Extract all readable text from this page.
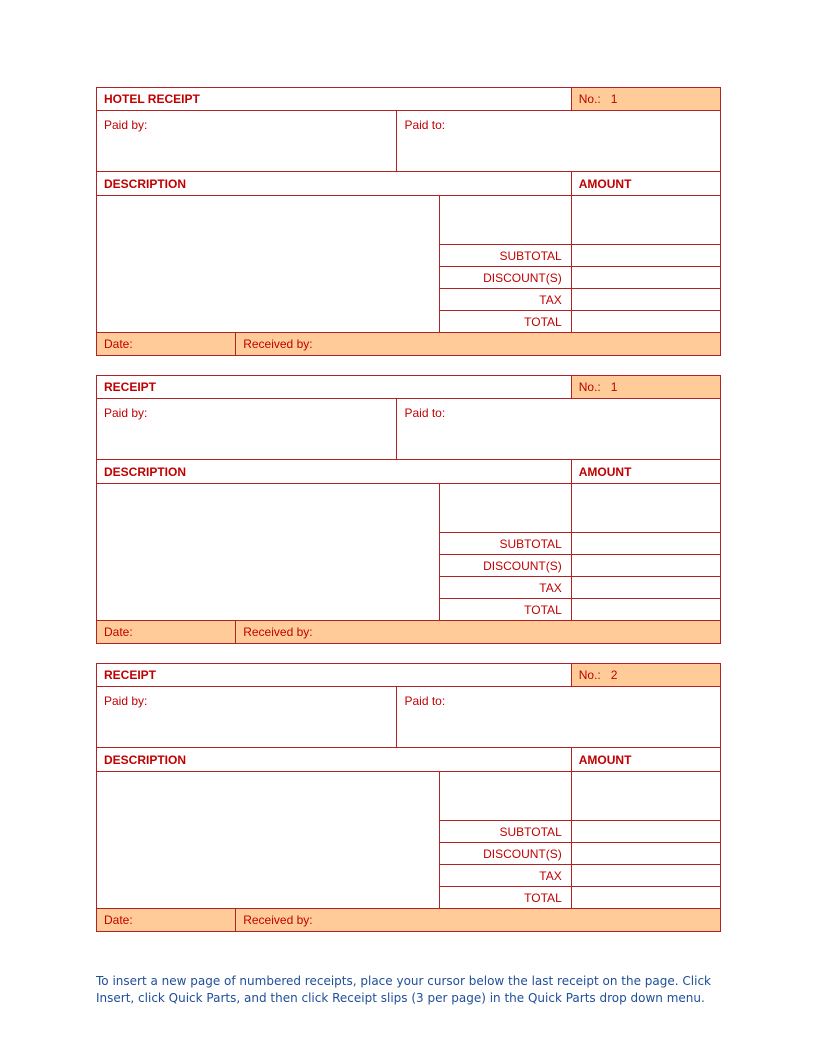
HOTEL RECEIPT				No.: 1
Paid by:		Paid to:		
DESCRIPTION				AMOUNT

			SUBTOTAL	
			DISCOUNT(S)	
			TAX	
			TOTAL	
Date:	Received by:			
RECEIPT				No.: 1
Paid by:		Paid to:		
DESCRIPTION				AMOUNT

			SUBTOTAL	
			DISCOUNT(S)	
			TAX	
			TOTAL	
Date:	Received by:			
RECEIPT				No.: 2
Paid by:		Paid to:		
DESCRIPTION				AMOUNT

			SUBTOTAL	
			DISCOUNT(S)	
			TAX	
			TOTAL	
Date:	Received by:			
To insert a new page of numbered receipts, place your cursor below the last receipt on the page. Click Insert, click Quick Parts, and then click Receipt slips (3 per page) in the Quick Parts drop down menu.
